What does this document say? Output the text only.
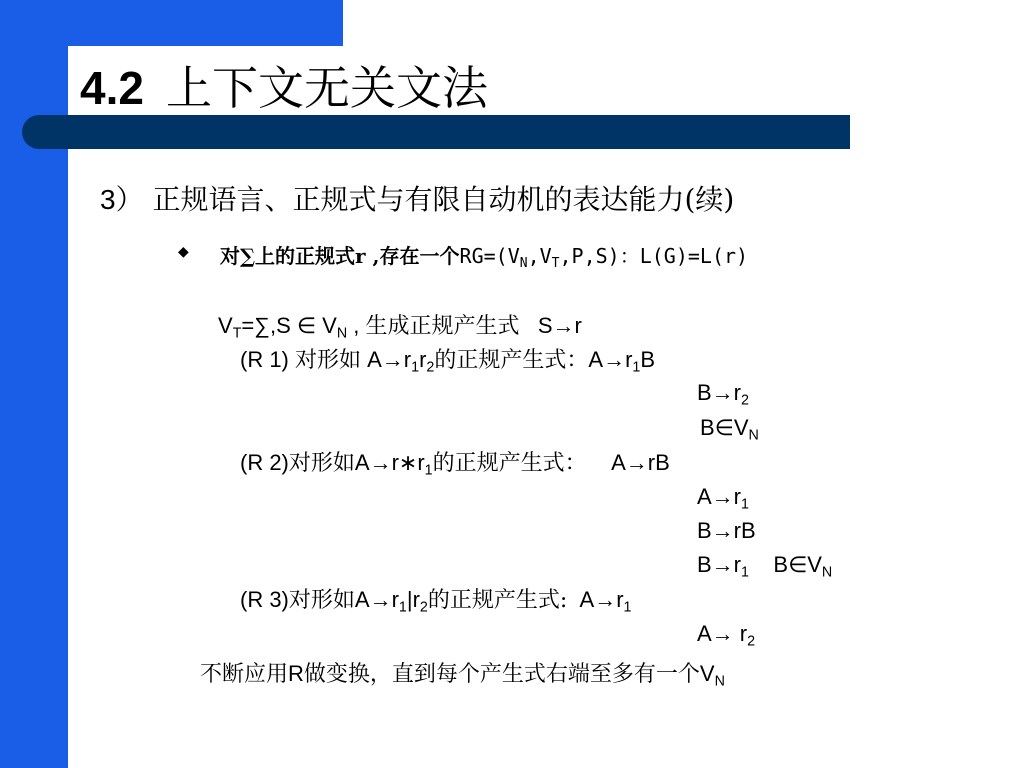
4.2 上下文无关文法
3） 正规语言、正规式与有限自动机的表达能力(续)
◆ 对∑上的正规式r ,存在一个$RG=(V_N,V_T,P,S)$：L(G)=L(r)
$V_T=\sum,S$ ∈ $V_N$ , 生成正规产生式 S→r
(R 1) 对形如 $A\to r_1r_2$的正规产生式：$A\to r_1B$
$B\to r_2$
$B\in V_N$
(R 2)对形如$A\to r∗r_1$的正规产生式： A→rB
$A\to r_1$
B→rB
$B\to r_1$ $B\in V_N$
(R 3)对形如$A\to r_1|r_2$的正规产生式: $A\to r_1$
$A\to r_2$
不断应用R做变换，直到每个产生式右端至多有一个$V_N$
